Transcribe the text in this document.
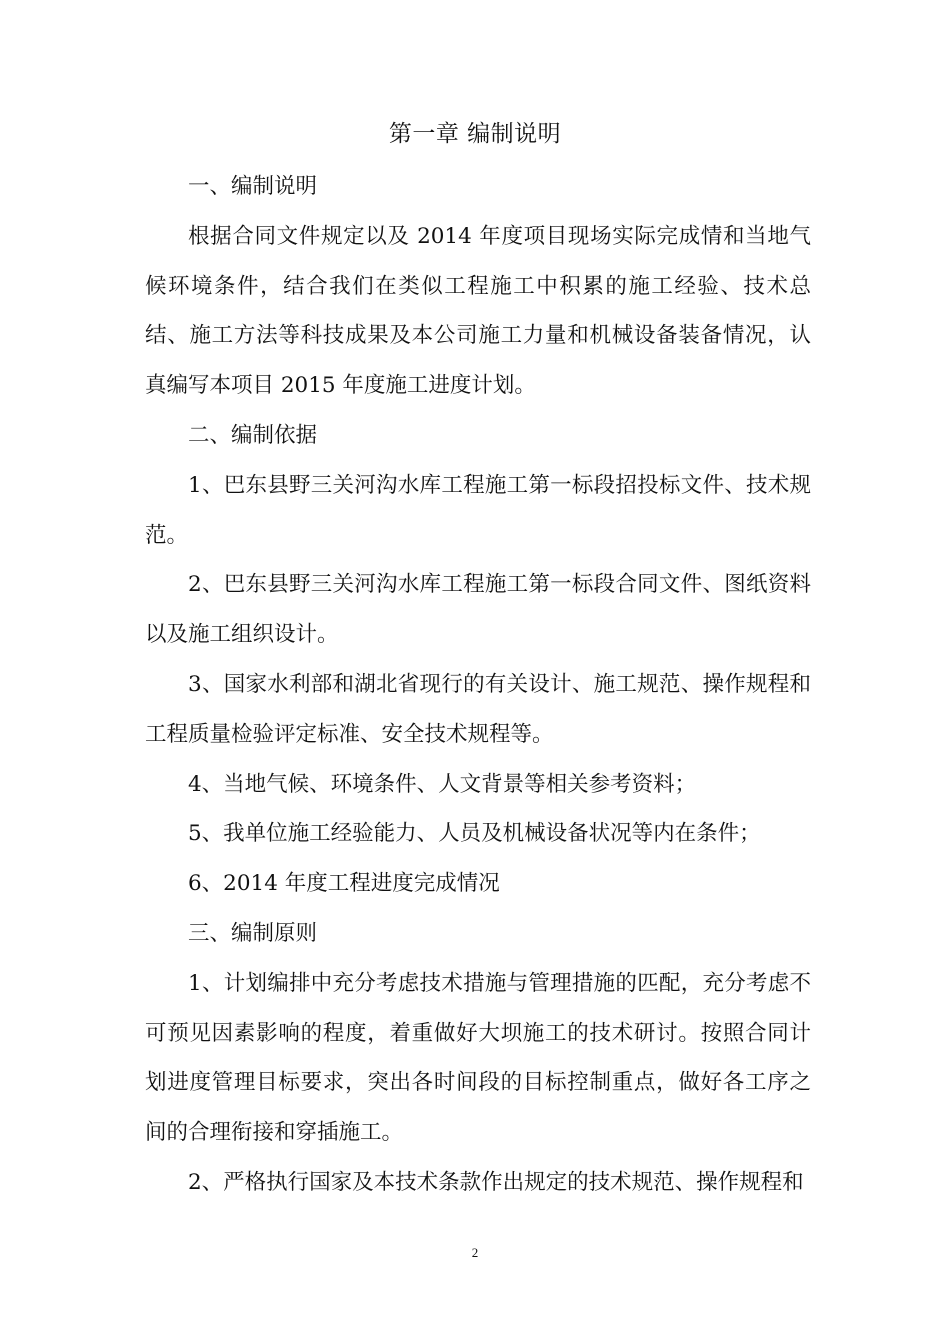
第一章 编制说明

一、编制说明

根据合同文件规定以及 2014 年度项目现场实际完成情和当地气候环境条件，结合我们在类似工程施工中积累的施工经验、技术总结、施工方法等科技成果及本公司施工力量和机械设备装备情况，认真编写本项目 2015 年度施工进度计划。

二、编制依据

1、巴东县野三关河沟水库工程施工第一标段招投标文件、技术规范。

2、巴东县野三关河沟水库工程施工第一标段合同文件、图纸资料以及施工组织设计。

3、国家水利部和湖北省现行的有关设计、施工规范、操作规程和工程质量检验评定标准、安全技术规程等。

4、当地气候、环境条件、人文背景等相关参考资料；

5、我单位施工经验能力、人员及机械设备状况等内在条件；

6、2014 年度工程进度完成情况

三、编制原则

1、计划编排中充分考虑技术措施与管理措施的匹配，充分考虑不可预见因素影响的程度，着重做好大坝施工的技术研讨。按照合同计划进度管理目标要求，突出各时间段的目标控制重点，做好各工序之间的合理衔接和穿插施工。

2、严格执行国家及本技术条款作出规定的技术规范、操作规程和

2
